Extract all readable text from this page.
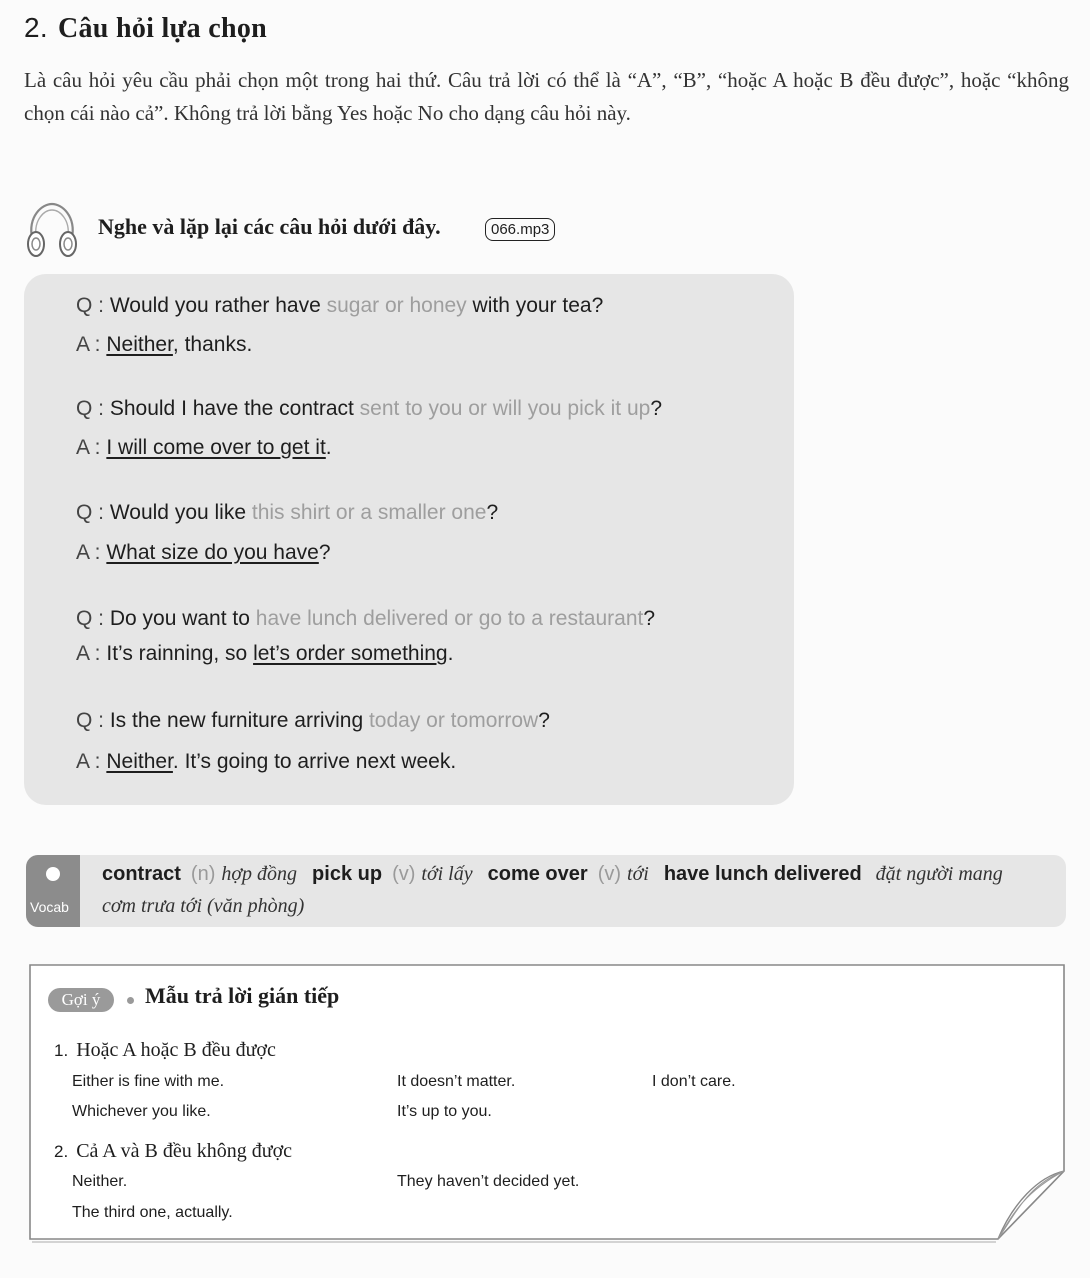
2. Câu hỏi lựa chọn

Là câu hỏi yêu cầu phải chọn một trong hai thứ. Câu trả lời có thể là “A”, “B”, “hoặc A hoặc B đều được”, hoặc “không chọn cái nào cả”. Không trả lời bằng Yes hoặc No cho dạng câu hỏi này.

Nghe và lặp lại các câu hỏi dưới đây.	066.mp3
Q : Would you rather have sugar or honey with your tea?
A : Neither, thanks.
Q : Should I have the contract sent to you or will you pick it up?
A : I will come over to get it.
Q : Would you like this shirt or a smaller one?
A : What size do you have?
Q : Do you want to have lunch delivered or go to a restaurant?
A : It’s rainning, so let’s order something.
Q : Is the new furniture arriving today or tomorrow?
A : Neither. It’s going to arrive next week.
Vocab
contract (n) hợp đồng pick up (v) tới lấy come over (v) tới have lunch delivered đặt người mang
cơm trưa tới (văn phòng)
Gợi ý	Mẫu trả lời gián tiếp
1. Hoặc A hoặc B đều được
Either is fine with me.	It doesn’t matter.	I don’t care.
Whichever you like.	It’s up to you.
2. Cả A và B đều không được
Neither.	They haven’t decided yet.
The third one, actually.
